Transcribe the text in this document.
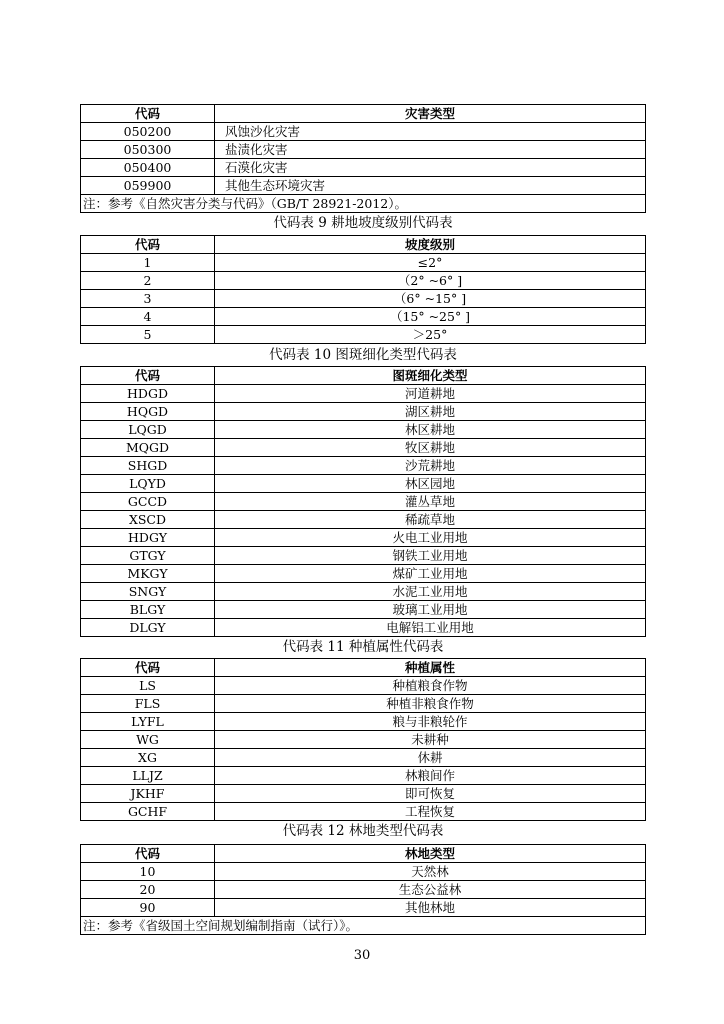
代码	灾害类型
050200	风蚀沙化灾害
050300	盐渍化灾害
050400	石漠化灾害
059900	其他生态环境灾害
注：参考《自然灾害分类与代码》（GB/T 28921-2012）。	
代码表 9 耕地坡度级别代码表
代码	坡度级别
1	≤2°
2	（2° ~6° ]
3	（6° ~15° ]
4	（15° ~25° ]
5	＞25°
代码表 10 图斑细化类型代码表
代码	图斑细化类型
HDGD	河道耕地
HQGD	湖区耕地
LQGD	林区耕地
MQGD	牧区耕地
SHGD	沙荒耕地
LQYD	林区园地
GCCD	灌丛草地
XSCD	稀疏草地
HDGY	火电工业用地
GTGY	钢铁工业用地
MKGY	煤矿工业用地
SNGY	水泥工业用地
BLGY	玻璃工业用地
DLGY	电解铝工业用地
代码表 11 种植属性代码表
代码	种植属性
LS	种植粮食作物
FLS	种植非粮食作物
LYFL	粮与非粮轮作
WG	未耕种
XG	休耕
LLJZ	林粮间作
JKHF	即可恢复
GCHF	工程恢复
代码表 12 林地类型代码表
代码	林地类型
10	天然林
20	生态公益林
90	其他林地
注：参考《省级国土空间规划编制指南（试行）》。	
30
